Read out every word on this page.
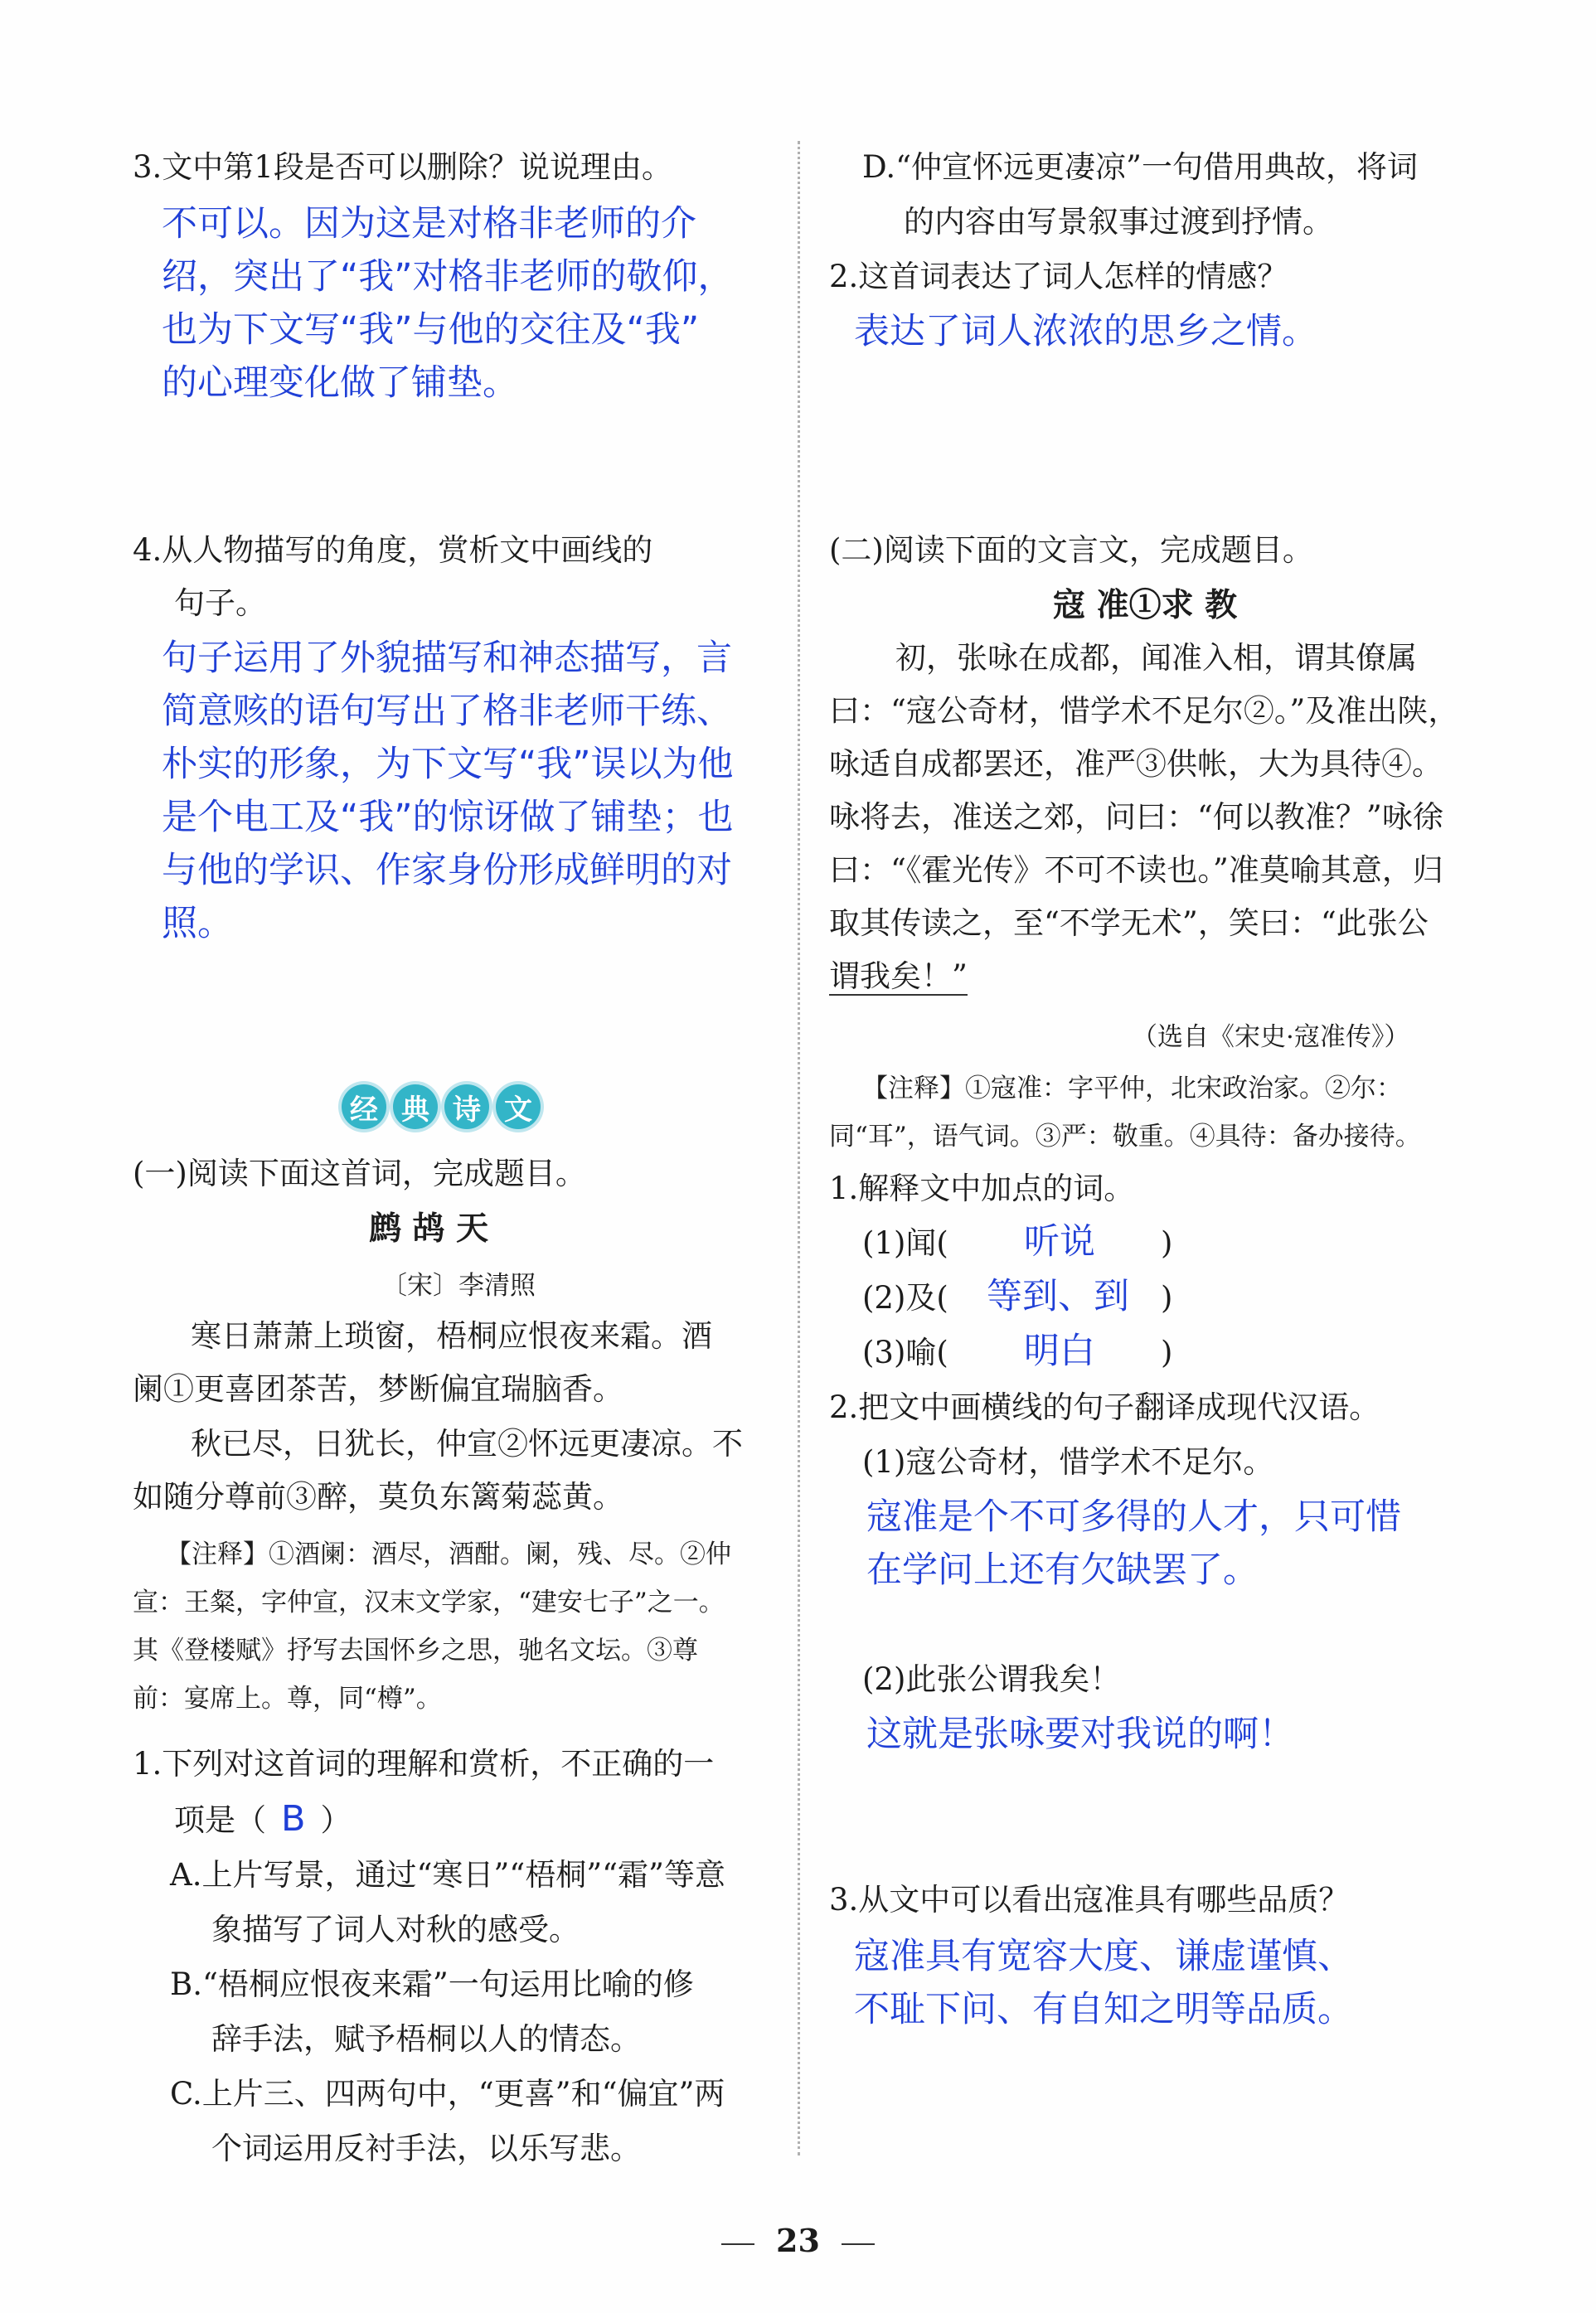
3.文中第1段是否可以删除？说说理由。
不可以。因为这是对格非老师的介
绍，突出了“我”对格非老师的敬仰，
也为下文写“我”与他的交往及“我”
的心理变化做了铺垫。
4.从人物描写的角度，赏析文中画线的
句子。
句子运用了外貌描写和神态描写，言
简意赅的语句写出了格非老师干练、
朴实的形象，为下文写“我”误以为他
是个电工及“我”的惊讶做了铺垫；也
与他的学识、作家身份形成鲜明的对
照。
经 典 诗 文
(一)阅读下面这首词，完成题目。
鹧 鸪 天
〔宋〕李清照
寒日萧萧上琐窗，梧桐应恨夜来霜。酒
阑①更喜团茶苦，梦断偏宜瑞脑香。
秋已尽，日犹长，仲宣②怀远更凄凉。不
如随分尊前③醉，莫负东篱菊蕊黄。
【注释】①酒阑：酒尽，酒酣。阑，残、尽。②仲
宣：王粲，字仲宣，汉末文学家，“建安七子”之一。
其《登楼赋》抒写去国怀乡之思，驰名文坛。③尊
前：宴席上。尊，同“樽”。
1.下列对这首词的理解和赏析，不正确的一
项是（ B ）
A.上片写景，通过“寒日”“梧桐”“霜”等意
象描写了词人对秋的感受。
B.“梧桐应恨夜来霜”一句运用比喻的修
辞手法，赋予梧桐以人的情态。
C.上片三、四两句中，“更喜”和“偏宜”两
个词运用反衬手法，以乐写悲。
D.“仲宣怀远更凄凉”一句借用典故，将词
的内容由写景叙事过渡到抒情。
2.这首词表达了词人怎样的情感？
表达了词人浓浓的思乡之情。
(二)阅读下面的文言文，完成题目。
寇 准①求 教
初，张咏在成都，闻准入相，谓其僚属
曰：“寇公奇材，惜学术不足尔②。”及准出陕，
咏适自成都罢还，准严③供帐，大为具待④。
咏将去，准送之郊，问曰：“何以教准？”咏徐
曰：“《霍光传》不可不读也。”准莫喻其意，归
取其传读之，至“不学无术”，笑曰：“此张公
谓我矣！”
（选自《宋史·寇准传》）
【注释】①寇准：字平仲，北宋政治家。②尔：
同“耳”，语气词。③严：敬重。④具待：备办接待。
1.解释文中加点的词。
(1)闻( 听说 )
(2)及( 等到、到 )
(3)喻( 明白 )
2.把文中画横线的句子翻译成现代汉语。
(1)寇公奇材，惜学术不足尔。
寇准是个不可多得的人才，只可惜
在学问上还有欠缺罢了。
(2)此张公谓我矣！
这就是张咏要对我说的啊！
3.从文中可以看出寇准具有哪些品质？
寇准具有宽容大度、谦虚谨慎、
不耻下问、有自知之明等品质。
23
